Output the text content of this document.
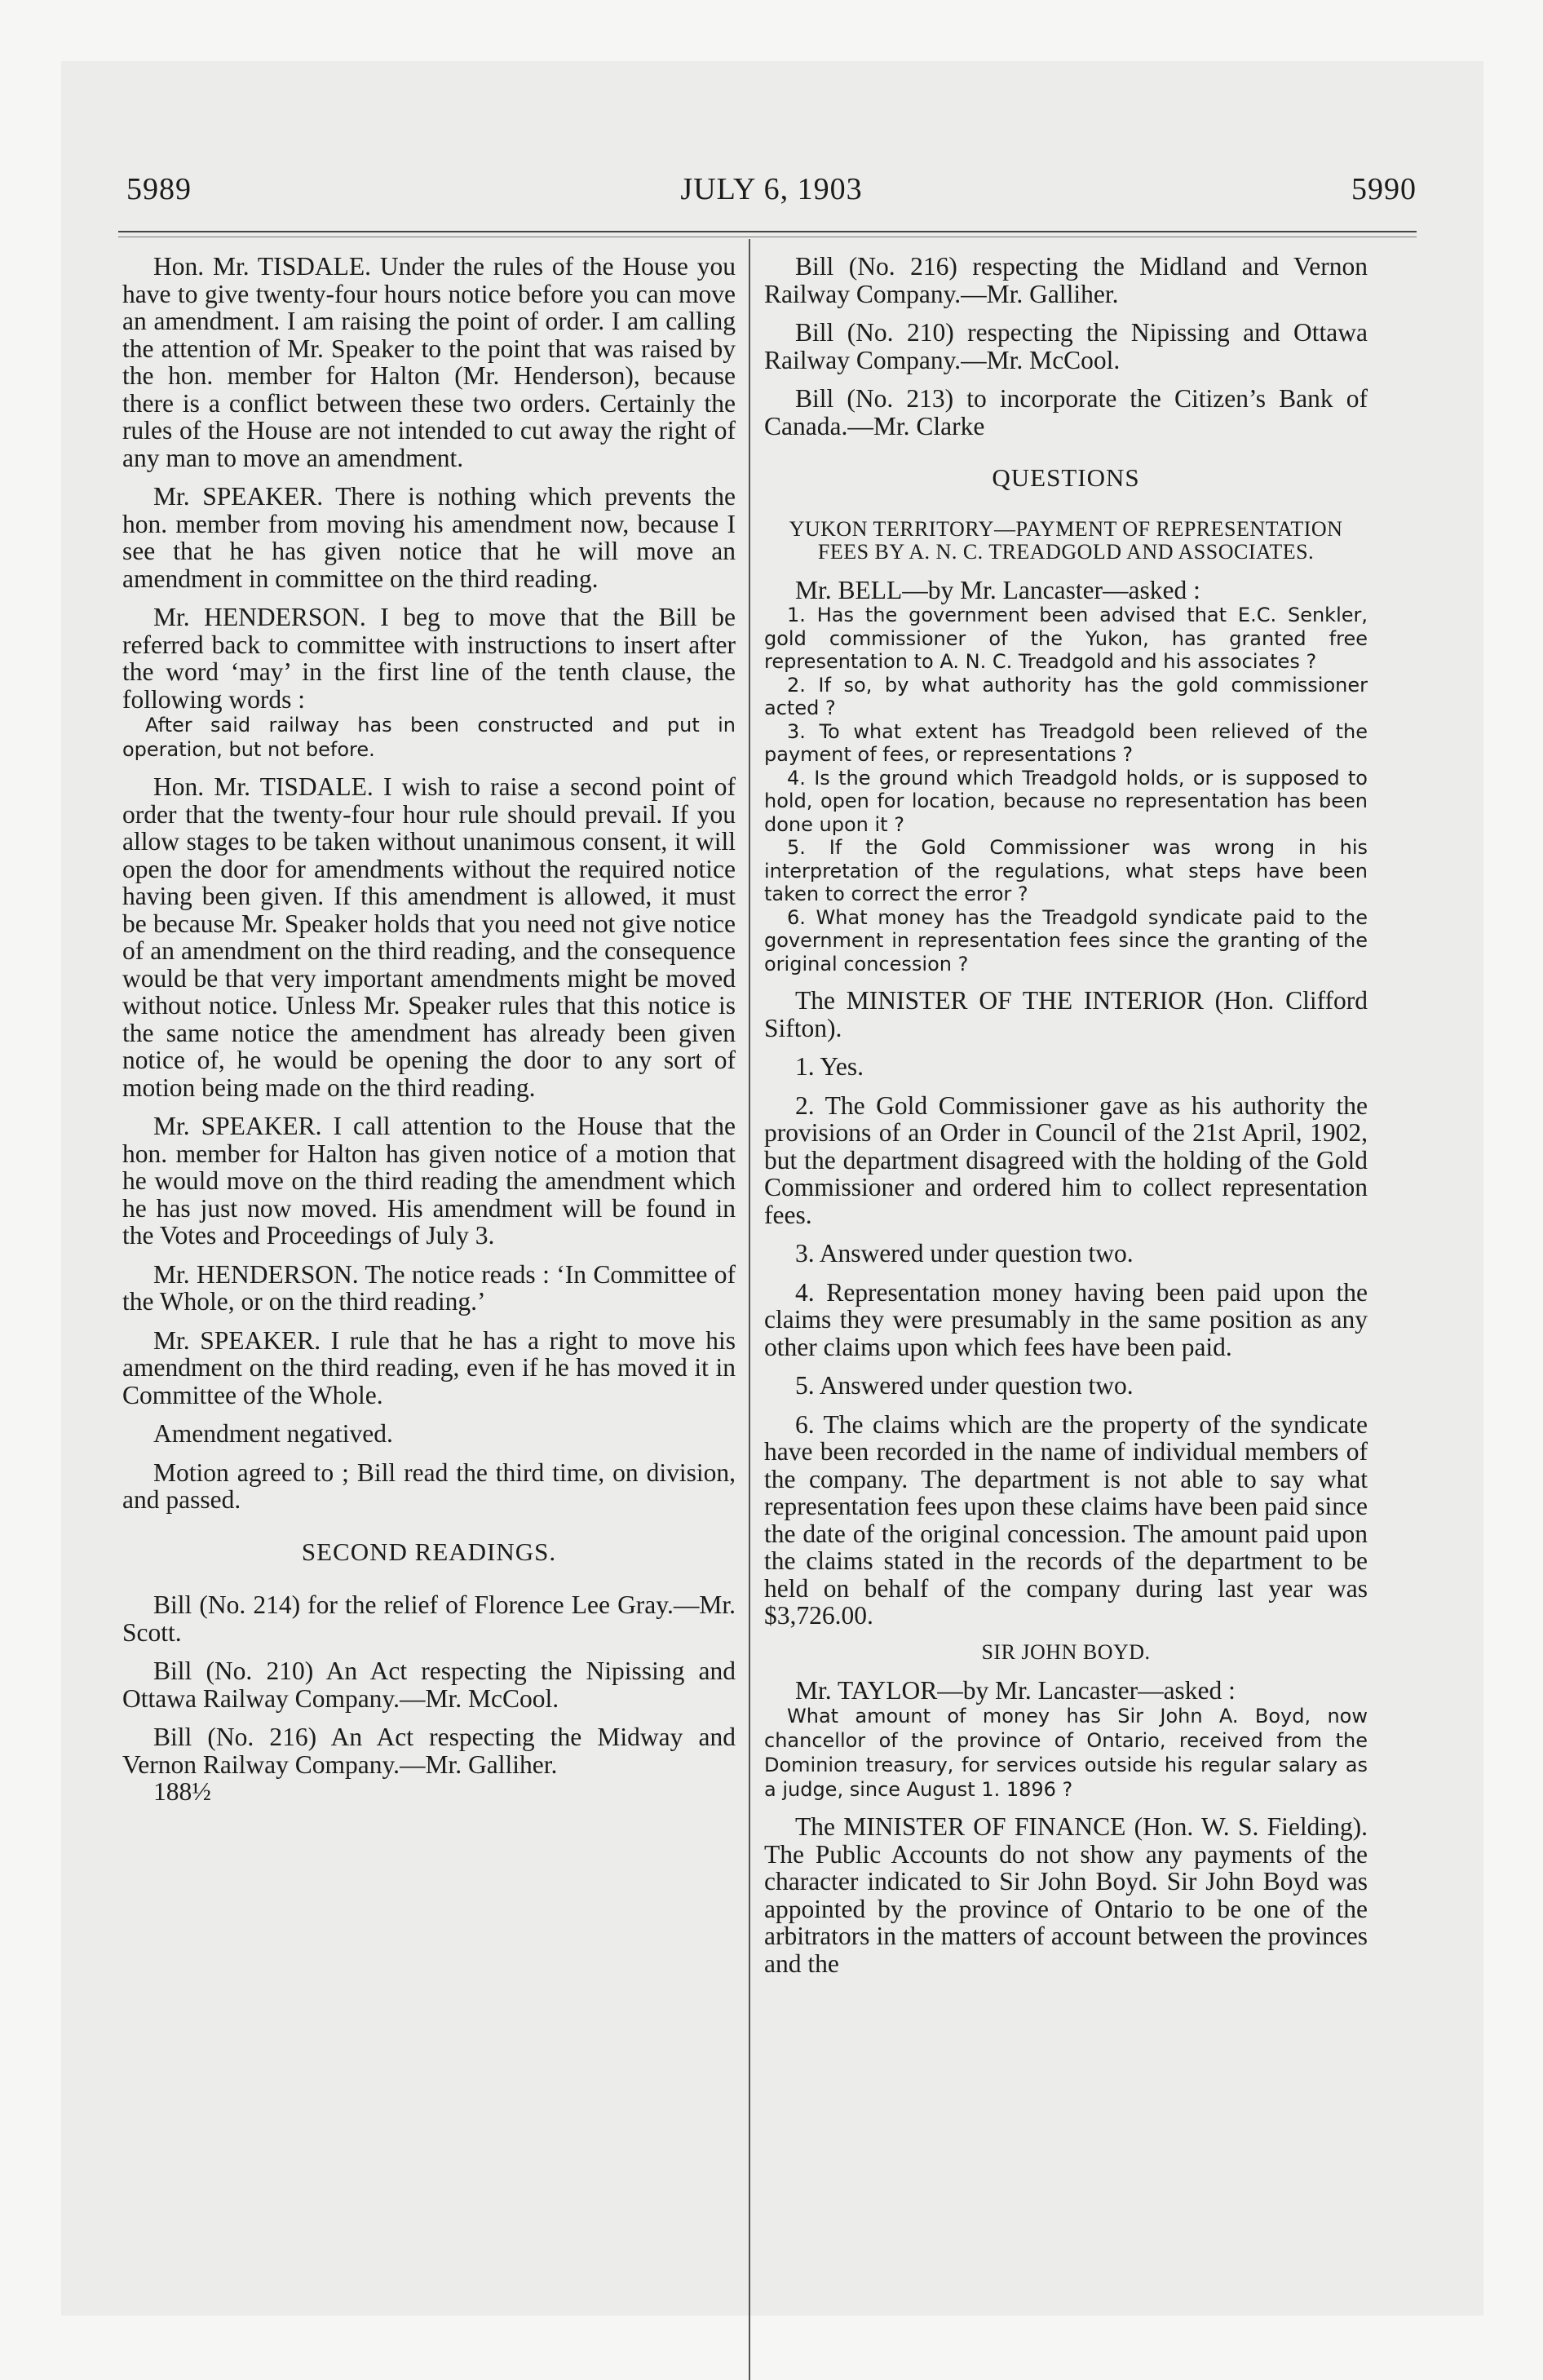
5989	JULY 6, 1903	5990

Hon. Mr. TISDALE. Under the rules of the House you have to give twenty-four hours notice before you can move an amendment. I am raising the point of order. I am calling the attention of Mr. Speaker to the point that was raised by the hon. member for Halton (Mr. Henderson), because there is a conflict between these two orders. Certainly the rules of the House are not intended to cut away the right of any man to move an amendment.

Mr. SPEAKER. There is nothing which prevents the hon. member from moving his amendment now, because I see that he has given notice that he will move an amendment in committee on the third reading.

Mr. HENDERSON. I beg to move that the Bill be referred back to committee with instructions to insert after the word ‘may’ in the first line of the tenth clause, the following words :

After said railway has been constructed and put in operation, but not before.

Hon. Mr. TISDALE. I wish to raise a second point of order that the twenty-four hour rule should prevail. If you allow stages to be taken without unanimous consent, it will open the door for amendments without the required notice having been given. If this amendment is allowed, it must be because Mr. Speaker holds that you need not give notice of an amendment on the third reading, and the consequence would be that very important amendments might be moved without notice. Unless Mr. Speaker rules that this notice is the same notice the amendment has already been given notice of, he would be opening the door to any sort of motion being made on the third reading.

Mr. SPEAKER. I call attention to the House that the hon. member for Halton has given notice of a motion that he would move on the third reading the amendment which he has just now moved. His amendment will be found in the Votes and Proceedings of July 3.

Mr. HENDERSON. The notice reads : ‘In Committee of the Whole, or on the third reading.’

Mr. SPEAKER. I rule that he has a right to move his amendment on the third reading, even if he has moved it in Committee of the Whole.

Amendment negatived.

Motion agreed to ; Bill read the third time, on division, and passed.

SECOND READINGS.

Bill (No. 214) for the relief of Florence Lee Gray.—Mr. Scott.

Bill (No. 210) An Act respecting the Nipissing and Ottawa Railway Company.—Mr. McCool.

Bill (No. 216) An Act respecting the Midway and Vernon Railway Company.—Mr. Galliher.

188½

Bill (No. 216) respecting the Midland and Vernon Railway Company.—Mr. Galliher.

Bill (No. 210) respecting the Nipissing and Ottawa Railway Company.—Mr. McCool.

Bill (No. 213) to incorporate the Citizen’s Bank of Canada.—Mr. Clarke

QUESTIONS

YUKON TERRITORY—PAYMENT OF REPRESENTATION FEES BY A. N. C. TREADGOLD AND ASSOCIATES.

Mr. BELL—by Mr. Lancaster—asked :

1. Has the government been advised that E.C. Senkler, gold commissioner of the Yukon, has granted free representation to A. N. C. Treadgold and his associates ?

2. If so, by what authority has the gold commissioner acted ?

3. To what extent has Treadgold been relieved of the payment of fees, or representations ?

4. Is the ground which Treadgold holds, or is supposed to hold, open for location, because no representation has been done upon it ?

5. If the Gold Commissioner was wrong in his interpretation of the regulations, what steps have been taken to correct the error ?

6. What money has the Treadgold syndicate paid to the government in representation fees since the granting of the original concession ?

The MINISTER OF THE INTERIOR (Hon. Clifford Sifton).

1. Yes.

2. The Gold Commissioner gave as his authority the provisions of an Order in Council of the 21st April, 1902, but the department disagreed with the holding of the Gold Commissioner and ordered him to collect representation fees.

3. Answered under question two.

4. Representation money having been paid upon the claims they were presumably in the same position as any other claims upon which fees have been paid.

5. Answered under question two.

6. The claims which are the property of the syndicate have been recorded in the name of individual members of the company. The department is not able to say what representation fees upon these claims have been paid since the date of the original concession. The amount paid upon the claims stated in the records of the department to be held on behalf of the company during last year was $3,726.00.

SIR JOHN BOYD.

Mr. TAYLOR—by Mr. Lancaster—asked :

What amount of money has Sir John A. Boyd, now chancellor of the province of Ontario, received from the Dominion treasury, for services outside his regular salary as a judge, since August 1. 1896 ?

The MINISTER OF FINANCE (Hon. W. S. Fielding). The Public Accounts do not show any payments of the character indicated to Sir John Boyd. Sir John Boyd was appointed by the province of Ontario to be one of the arbitrators in the matters of account between the provinces and the
